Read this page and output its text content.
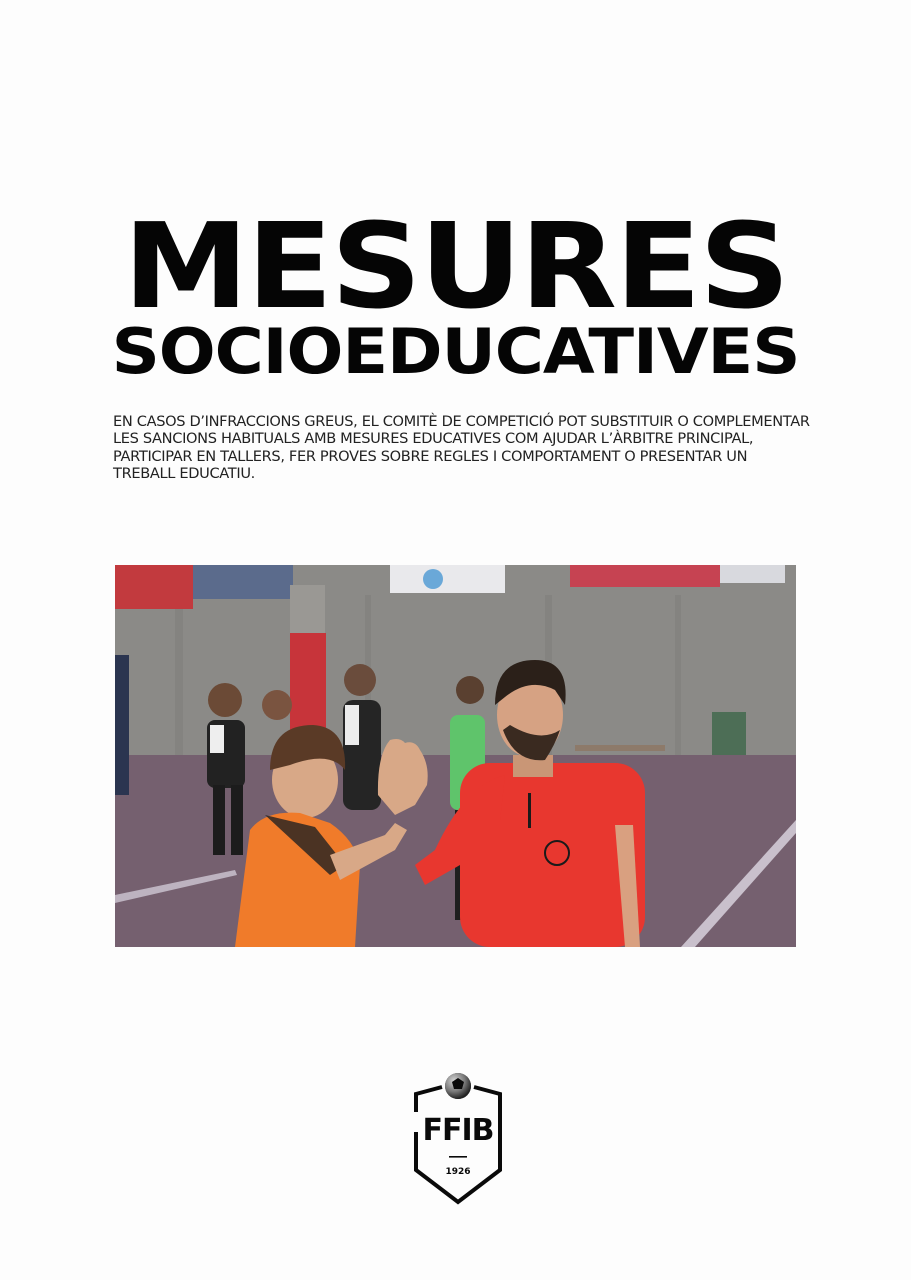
MESURES
SOCIOEDUCATIVES

EN CASOS D’INFRACCIONS GREUS, EL COMITÈ DE COMPETICIÓ POT SUBSTITUIR O COMPLEMENTAR LES SANCIONS HABITUALS AMB MESURES EDUCATIVES COM AJUDAR L’ÀRBITRE PRINCIPAL, PARTICIPAR EN TALLERS, FER PROVES SOBRE REGLES I COMPORTAMENT O PRESENTAR UN TREBALL EDUCATIU.

FFIB
1926
